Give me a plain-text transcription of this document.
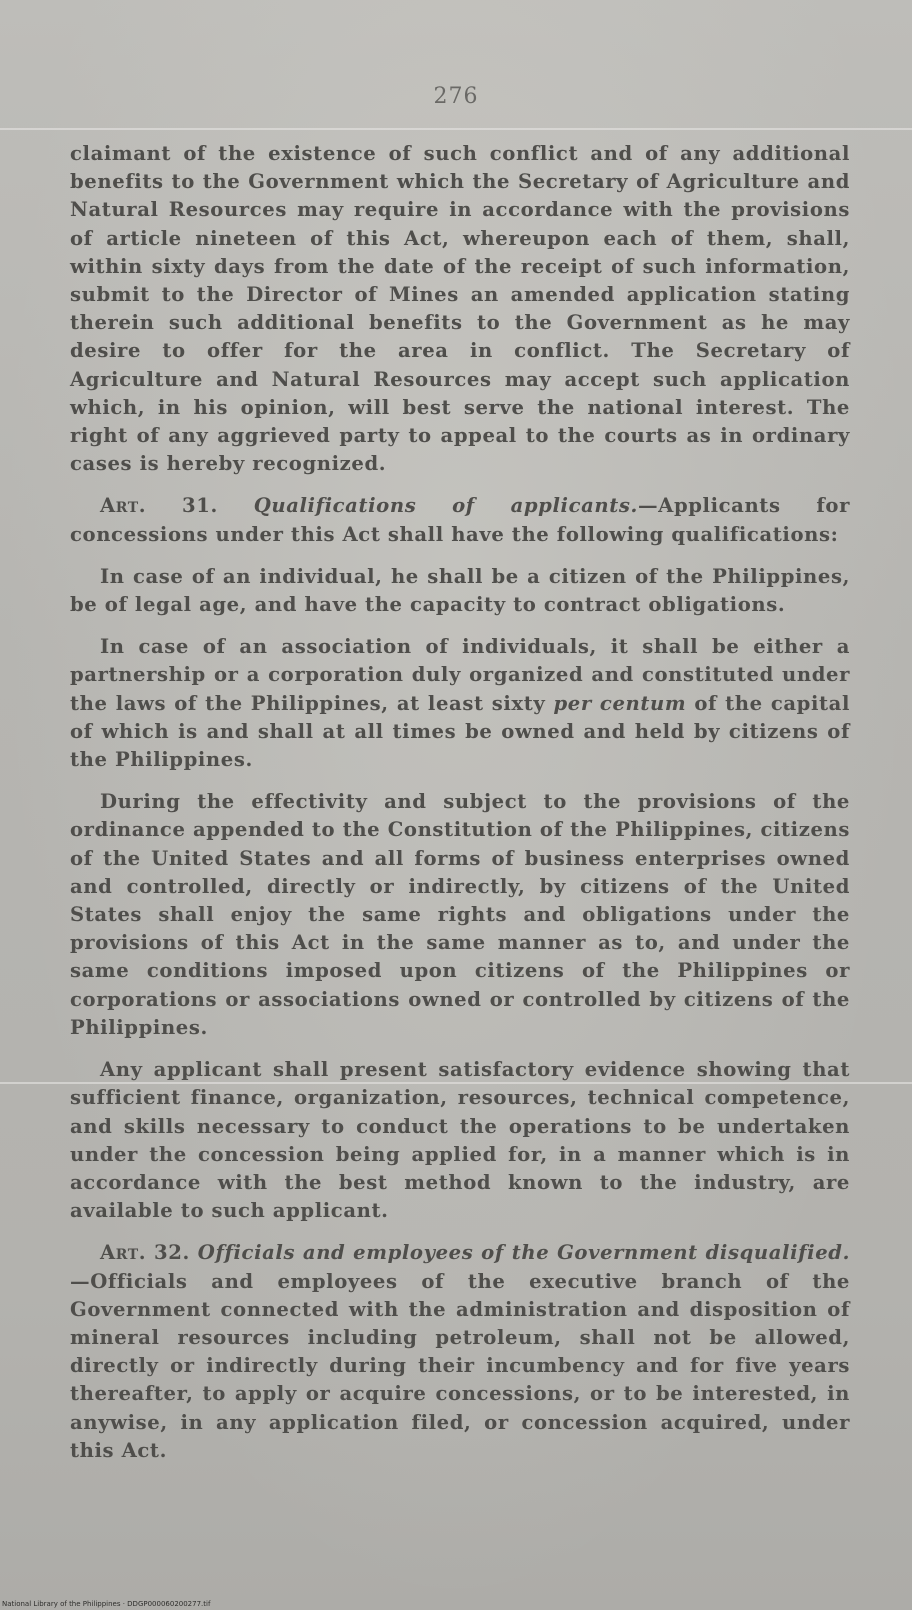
276

claimant of the existence of such conflict and of any additional benefits to the Government which the Secretary of Agriculture and Natural Resources may require in accordance with the provisions of article nineteen of this Act, whereupon each of them, shall, within sixty days from the date of the receipt of such information, submit to the Director of Mines an amended application stating therein such additional benefits to the Government as he may desire to offer for the area in conflict. The Secretary of Agriculture and Natural Resources may accept such application which, in his opinion, will best serve the national interest. The right of any aggrieved party to appeal to the courts as in ordinary cases is hereby recognized.

Art. 31. Qualifications of applicants.—Applicants for concessions under this Act shall have the following qualifications:

In case of an individual, he shall be a citizen of the Philippines, be of legal age, and have the capacity to contract obligations.

In case of an association of individuals, it shall be either a partnership or a corporation duly organized and constituted under the laws of the Philippines, at least sixty per centum of the capital of which is and shall at all times be owned and held by citizens of the Philippines.

During the effectivity and subject to the provisions of the ordinance appended to the Constitution of the Philippines, citizens of the United States and all forms of business enterprises owned and controlled, directly or indirectly, by citizens of the United States shall enjoy the same rights and obligations under the provisions of this Act in the same manner as to, and under the same conditions imposed upon citizens of the Philippines or corporations or associations owned or controlled by citizens of the Philippines.

Any applicant shall present satisfactory evidence showing that sufficient finance, organization, resources, technical competence, and skills necessary to conduct the operations to be undertaken under the concession being applied for, in a manner which is in accordance with the best method known to the industry, are available to such applicant.

Art. 32. Officials and employees of the Government disqualified.—Officials and employees of the executive branch of the Government connected with the administration and disposition of mineral resources including petroleum, shall not be allowed, directly or indirectly during their incumbency and for five years thereafter, to apply or acquire concessions, or to be interested, in anywise, in any application filed, or concession acquired, under this Act.

National Library of the Philippines · DDGP000060200277.tif
